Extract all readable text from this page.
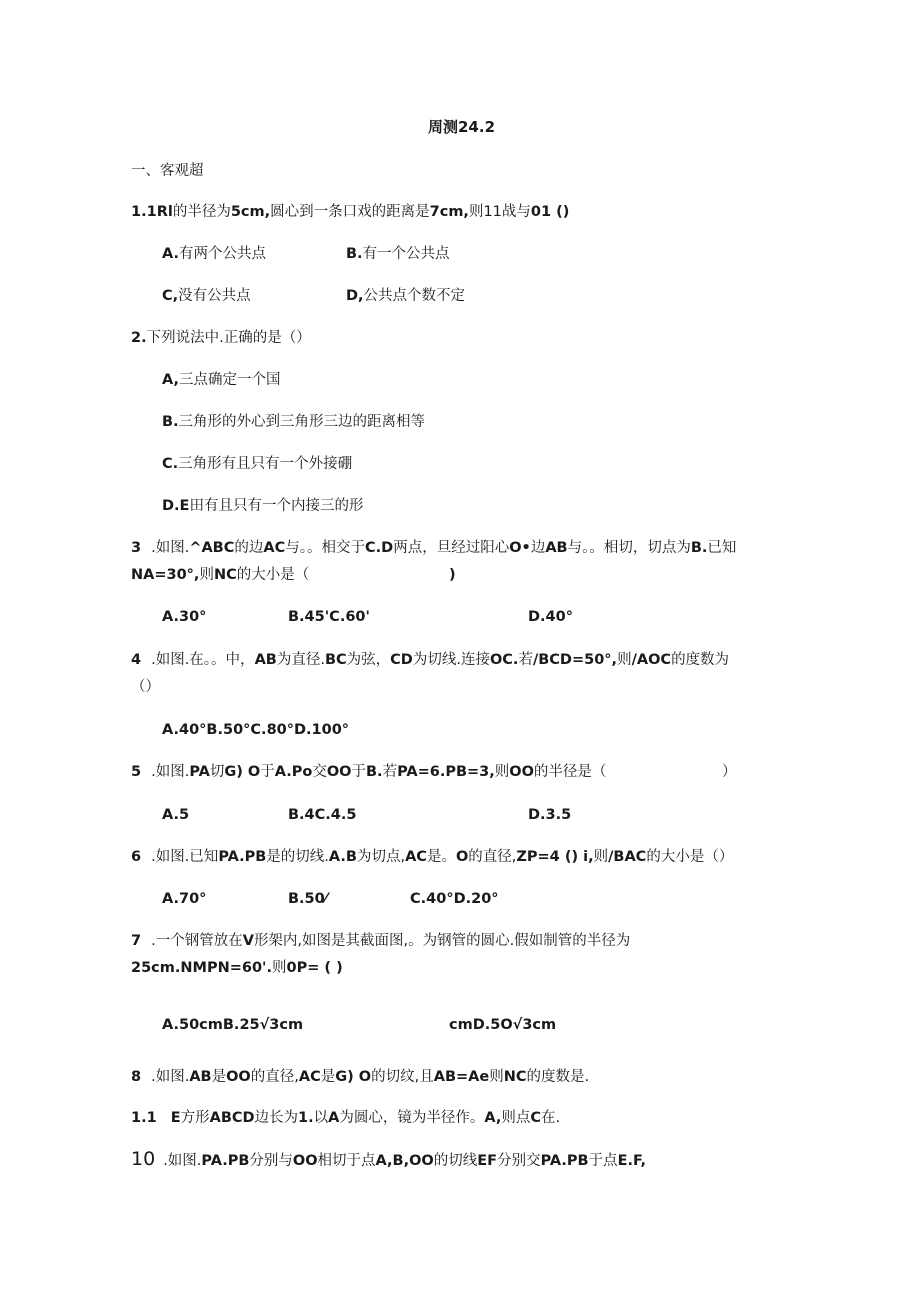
周测24.2
一、客观超
1.1Rl的半径为5cm,圆心到一条口戏的距离是7cm,则11战与01 ()
A.有两个公共点	B.有一个公共点
C,没有公共点	D,公共点个数不定
2.下列说法中.正确的是（）
A,三点确定一个国
B.三角形的外心到三角形三边的距离相等
C.三角形有且只有一个外接硼
D.E田有且只有一个内接三的形
3 .如图.^ABC的边AC与。。相交于C.D两点，旦经过阳心O•边AB与。。相切，切点为B.已知
NA=30°,则NC的大小是（	)
A.30°	B.45'C.60'	D.40°
4 .如图.在。。中，AB为直径.BC为弦，CD为切线.连接OC.若/BCD=50°,则/AOC的度数为
（）
A.40°B.50°C.80°D.100°
5 .如图.PA切G) O于A.Po交OO于B.若PA=6.PB=3,则OO的半径是（	）
A.5	B.4C.4.5	D.3.5
6 .如图.已知PA.PB是的切线.A.B为切点,AC是。O的直径,ZP=4 () i,则/BAC的大小是（）
A.70°	B.50⁄	C.40°D.20°
7 .一个钢管放在V形架内,如图是其截面图,。为钢管的圆心.假如制管的半径为
25cm.NMPN=60'.则0P= ( )
A.50cmB.25√3cm	cmD.5O√3cm
8 .如图.AB是OO的直径,AC是G) O的切纹,且AB=Ae则NC的度数是.
1.1 E方形ABCD边长为1.以A为圆心，镜为半径作。A,则点C在.
10 .如图.PA.PB分别与OO相切于点A,B,OO的切线EF分别交PA.PB于点E.F,
